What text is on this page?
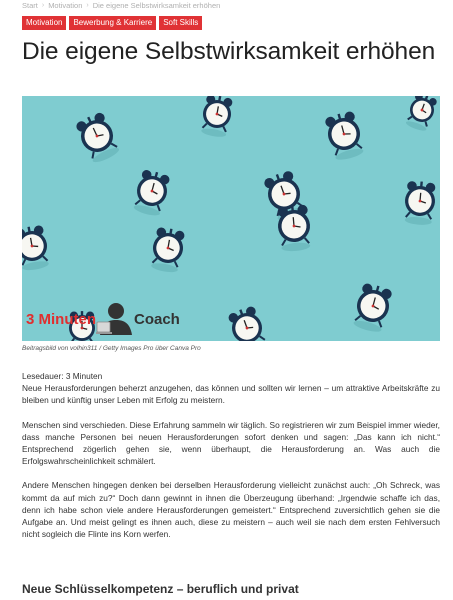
Start › Motivation › Die eigene Selbstwirksamkeit erhöhen
Motivation	Bewerbung & Karriere	Soft Skills
Die eigene Selbstwirksamkeit erhöhen
3 Minuten	Coach
Beitragsbild von volhin311 / Getty Images Pro über Canva Pro

Lesedauer: 3 Minuten

Neue Herausforderungen beherzt anzugehen, das können und sollten wir lernen – um attraktive Arbeitskräfte zu bleiben und künftig unser Leben mit Erfolg zu meistern.

Menschen sind verschieden. Diese Erfahrung sammeln wir täglich. So registrieren wir zum Beispiel immer wieder, dass manche Personen bei neuen Herausforderungen sofort denken und sagen: „Das kann ich nicht.“ Entsprechend zögerlich gehen sie, wenn überhaupt, die Herausforderung an. Was auch die Erfolgswahrscheinlichkeit schmälert.

Andere Menschen hingegen denken bei derselben Herausforderung vielleicht zunächst auch: „Oh Schreck, was kommt da auf mich zu?“ Doch dann gewinnt in ihnen die Überzeugung überhand: „Irgendwie schaffe ich das, denn ich habe schon viele andere Herausforderungen gemeistert.“ Entsprechend zuversichtlich gehen sie die Aufgabe an. Und meist gelingt es ihnen auch, diese zu meistern – auch weil sie nach dem ersten Fehlversuch nicht sogleich die Flinte ins Korn werfen.

Neue Schlüsselkompetenz – beruflich und privat
